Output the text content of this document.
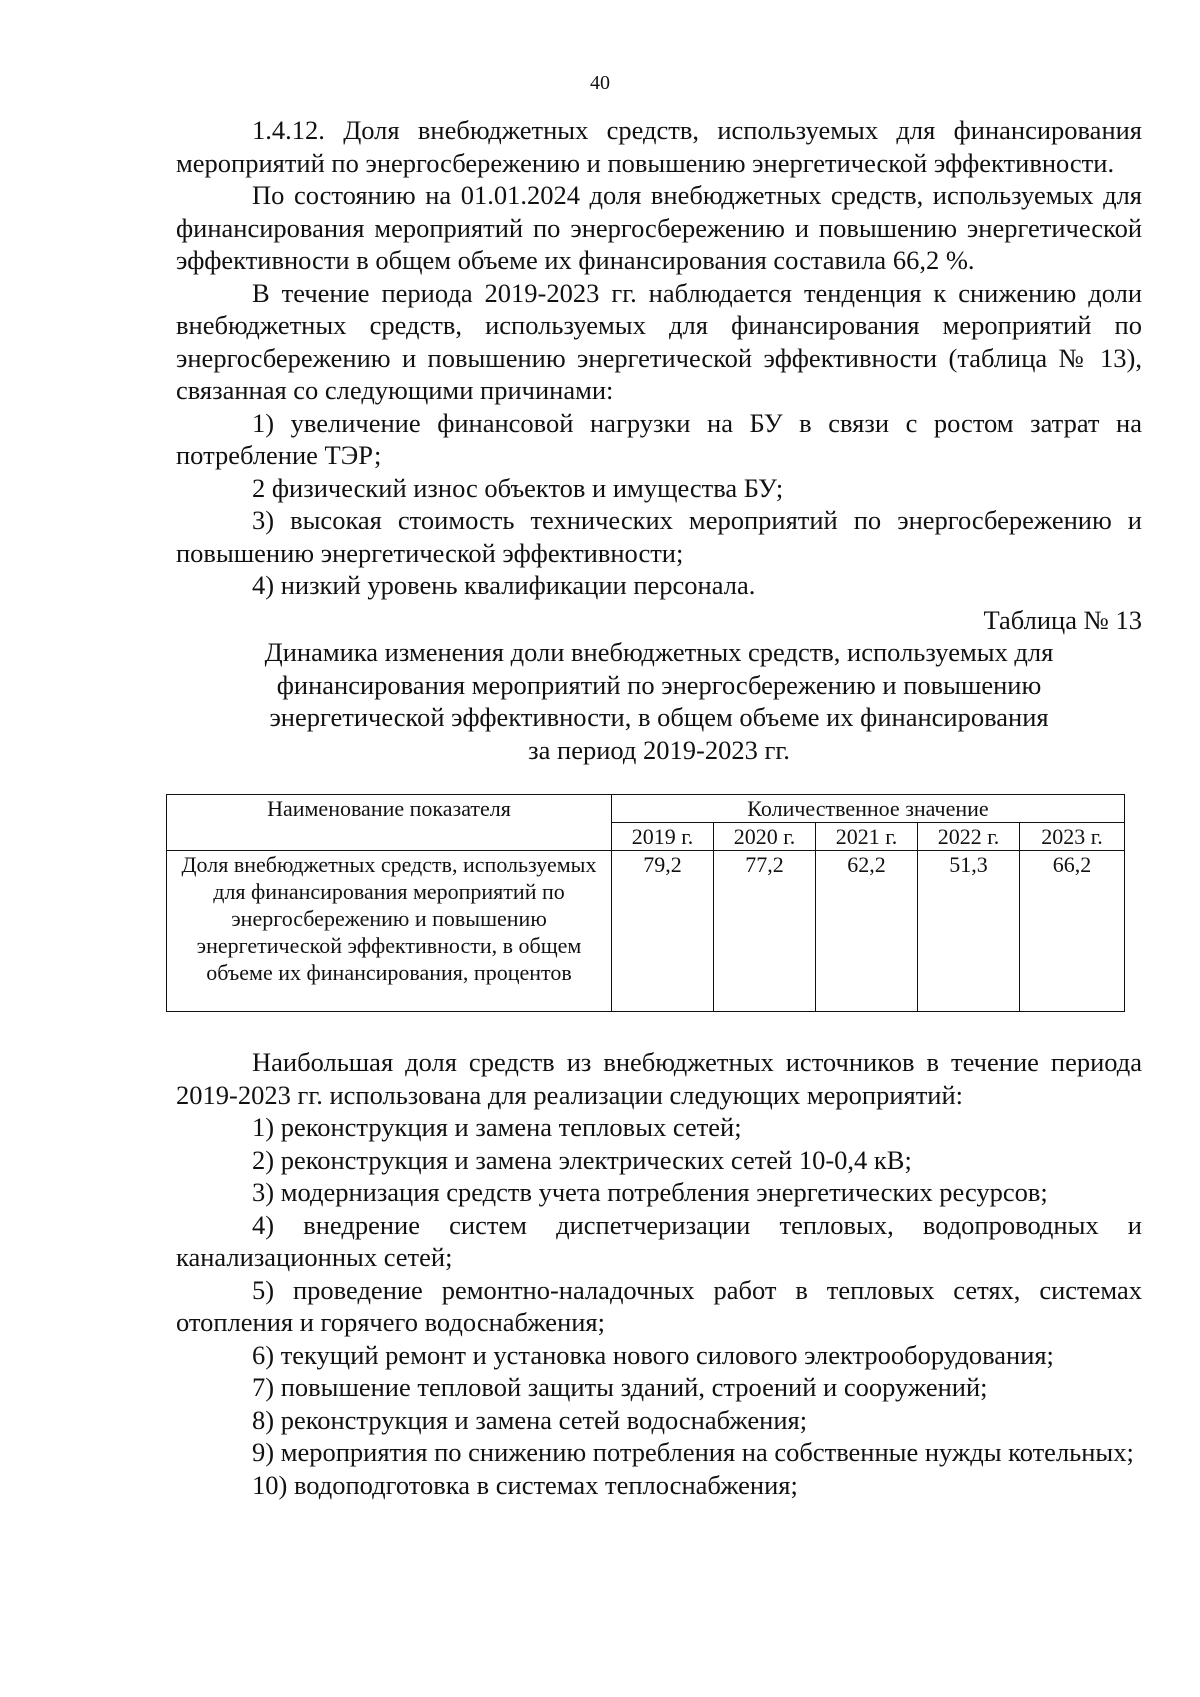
40

1.4.12. Доля внебюджетных средств, используемых для финансирования мероприятий по энергосбережению и повышению энергетической эффективности.

По состоянию на 01.01.2024 доля внебюджетных средств, используемых для финансирования мероприятий по энергосбережению и повышению энергетической эффективности в общем объеме их финансирования составила 66,2 %.

В течение периода 2019-2023 гг. наблюдается тенденция к снижению доли внебюджетных средств, используемых для финансирования мероприятий по энергосбережению и повышению энергетической эффективности (таблица № 13), связанная со следующими причинами:

1) увеличение финансовой нагрузки на БУ в связи с ростом затрат на потребление ТЭР;

2 физический износ объектов и имущества БУ;

3) высокая стоимость технических мероприятий по энергосбережению и повышению энергетической эффективности;

4) низкий уровень квалификации персонала.

Таблица № 13

Динамика изменения доли внебюджетных средств, используемых для
финансирования мероприятий по энергосбережению и повышению
энергетической эффективности, в общем объеме их финансирования
за период 2019-2023 гг.

Наименование показателя	Количественное значение				
	2019 г.	2020 г.	2021 г.	2022 г.	2023 г.
Доля внебюджетных средств, используемых для финансирования мероприятий по энергосбережению и повышению энергетической эффективности, в общем объеме их финансирования, процентов	79,2	77,2	62,2	51,3	66,2

Наибольшая доля средств из внебюджетных источников в течение периода 2019-2023 гг. использована для реализации следующих мероприятий:

1) реконструкция и замена тепловых сетей;

2) реконструкция и замена электрических сетей 10-0,4 кВ;

3) модернизация средств учета потребления энергетических ресурсов;

4) внедрение систем диспетчеризации тепловых, водопроводных и канализационных сетей;

5) проведение ремонтно-наладочных работ в тепловых сетях, системах отопления и горячего водоснабжения;

6) текущий ремонт и установка нового силового электрооборудования;

7) повышение тепловой защиты зданий, строений и сооружений;

8) реконструкция и замена сетей водоснабжения;

9) мероприятия по снижению потребления на собственные нужды котельных;

10) водоподготовка в системах теплоснабжения;
